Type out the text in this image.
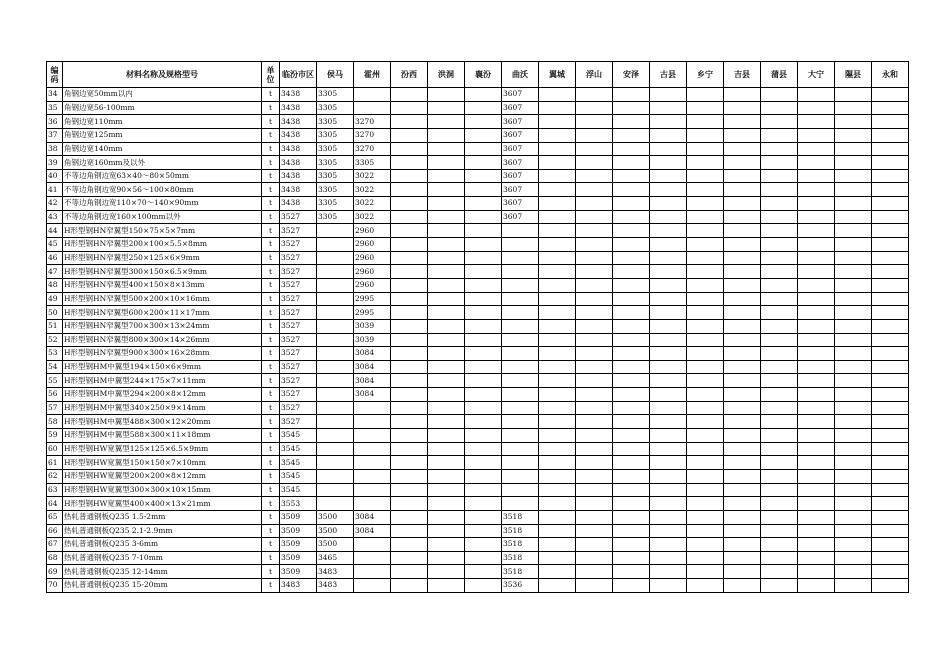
编码	材料名称及规格型号	单位	临汾市区	侯马	霍州	汾西	洪洞	襄汾	曲沃	翼城	浮山	安泽	古县	乡宁	吉县	蒲县	大宁	隰县	永和
34	角钢边宽50mm以内	t	3438	3305					3607										
35	角钢边宽56-100mm	t	3438	3305					3607										
36	角钢边宽110mm	t	3438	3305	3270				3607										
37	角钢边宽125mm	t	3438	3305	3270				3607										
38	角钢边宽140mm	t	3438	3305	3270				3607										
39	角钢边宽160mm及以外	t	3438	3305	3305				3607										
40	不等边角钢边宽63×40～80×50mm	t	3438	3305	3022				3607										
41	不等边角钢边宽90×56～100×80mm	t	3438	3305	3022				3607										
42	不等边角钢边宽110×70～140×90mm	t	3438	3305	3022				3607										
43	不等边角钢边宽160×100mm以外	t	3527	3305	3022				3607										
44	H形型钢HN窄翼型150×75×5×7mm	t	3527		2960														
45	H形型钢HN窄翼型200×100×5.5×8mm	t	3527		2960														
46	H形型钢HN窄翼型250×125×6×9mm	t	3527		2960														
47	H形型钢HN窄翼型300×150×6.5×9mm	t	3527		2960														
48	H形型钢HN窄翼型400×150×8×13mm	t	3527		2960														
49	H形型钢HN窄翼型500×200×10×16mm	t	3527		2995														
50	H形型钢HN窄翼型600×200×11×17mm	t	3527		2995														
51	H形型钢HN窄翼型700×300×13×24mm	t	3527		3039														
52	H形型钢HN窄翼型800×300×14×26mm	t	3527		3039														
53	H形型钢HN窄翼型900×300×16×28mm	t	3527		3084														
54	H形型钢HM中翼型194×150×6×9mm	t	3527		3084														
55	H形型钢HM中翼型244×175×7×11mm	t	3527		3084														
56	H形型钢HM中翼型294×200×8×12mm	t	3527		3084														
57	H形型钢HM中翼型340×250×9×14mm	t	3527																
58	H形型钢HM中翼型488×300×12×20mm	t	3527																
59	H形型钢HM中翼型588×300×11×18mm	t	3545																
60	H形型钢HW宽翼型125×125×6.5×9mm	t	3545																
61	H形型钢HW宽翼型150×150×7×10mm	t	3545																
62	H形型钢HW宽翼型200×200×8×12mm	t	3545																
63	H形型钢HW宽翼型300×300×10×15mm	t	3545																
64	H形型钢HW宽翼型400×400×13×21mm	t	3553																
65	热轧普通钢板Q235 1.5-2mm	t	3509	3500	3084				3518										
66	热轧普通钢板Q235 2.1-2.9mm	t	3509	3500	3084				3518										
67	热轧普通钢板Q235 3-6mm	t	3509	3500					3518										
68	热轧普通钢板Q235 7-10mm	t	3509	3465					3518										
69	热轧普通钢板Q235 12-14mm	t	3509	3483					3518										
70	热轧普通钢板Q235 15-20mm	t	3483	3483					3536										
